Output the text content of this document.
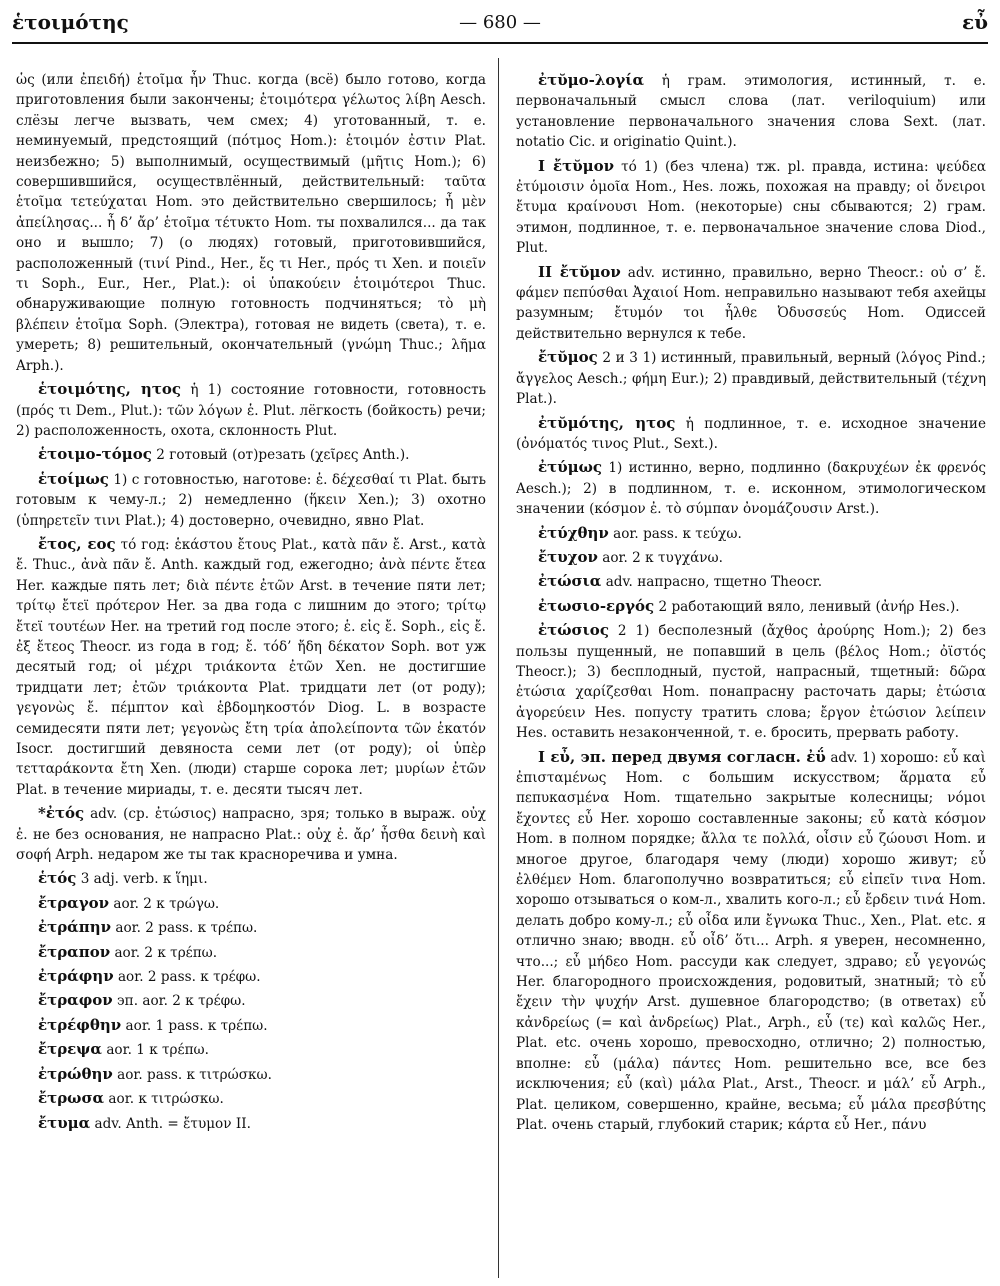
ἑτοιμότης	— 680 —	εὖ

ὡς (или ἐπειδή) ἑτοῖμα ἦν Thuc. когда (всё) было готово, когда приготовления были закончены; ἑτοιμότερα γέλωτος λίβη Aesch. слёзы легче вызвать, чем смех; 4) уготованный, т. е. неминуемый, предстоящий (πότμος Hom.): ἑτοιμόν ἐστιν Plat. неизбежно; 5) выполнимый, осуществимый (μῆτις Hom.); 6) совершившийся, осуществлённый, действительный: ταῦτα ἑτοῖμα τετεύχαται Hom. это действительно свершилось; ἦ μὲν ἀπείλησας... ἦ δ’ ἄρ’ ἑτοῖμα τέτυκτο Hom. ты похвалился... да так оно и вышло; 7) (о людях) готовый, приготовившийся, расположенный (τινί Pind., Her., ἔς τι Her., πρός τι Xen. и ποιεῖν τι Soph., Eur., Her., Plat.): οἱ ὑπακούειν ἑτοιμότεροι Thuc. обнаруживающие полную готовность подчиняться; τὸ μὴ βλέπειν ἑτοῖμα Soph. (Электра), готовая не видеть (света), т. е. умереть; 8) решительный, окончательный (γνώμη Thuc.; λῆμα Arph.).

ἑτοιμότης, ητος ἡ 1) состояние готовности, готовность (πρός τι Dem., Plut.): τῶν λόγων ἑ. Plut. лёгкость (бойкость) речи; 2) расположенность, охота, склонность Plut.

ἑτοιμο-τόμος 2 готовый (от)резать (χεῖρες Anth.).

ἑτοίμως 1) с готовностью, наготове: ἑ. δέχεσθαί τι Plat. быть готовым к чему-л.; 2) немедленно (ἥκειν Xen.); 3) охотно (ὑπηρετεῖν τινι Plat.); 4) достоверно, очевидно, явно Plat.

ἔτος, εος τό год: ἑκάστου ἔτους Plat., κατὰ πᾶν ἔ. Arst., κατὰ ἔ. Thuc., ἀνὰ πᾶν ἔ. Anth. каждый год, ежегодно; ἀνὰ πέντε ἔτεα Her. каждые пять лет; διὰ πέντε ἐτῶν Arst. в течение пяти лет; τρίτῳ ἔτεϊ πρότερον Her. за два года с лишним до этого; τρίτῳ ἔτεϊ τουτέων Her. на третий год после этого; ἑ. εἰς ἔ. Soph., εἰς ἔ. ἐξ ἔτεος Theocr. из года в год; ἔ. τόδ’ ἤδη δέκατον Soph. вот уж десятый год; οἱ μέχρι τριάκοντα ἐτῶν Xen. не достигшие тридцати лет; ἐτῶν τριάκοντα Plat. тридцати лет (от роду); γεγονὼς ἔ. πέμπτον καὶ ἑβδομηκοστόν Diog. L. в возрасте семидесяти пяти лет; γεγονὼς ἔτη τρία ἀπολείποντα τῶν ἑκατόν Isocr. достигший девяноста семи лет (от роду); οἱ ὑπὲρ τετταράκοντα ἔτη Xen. (люди) старше сорока лет; μυρίων ἐτῶν Plat. в течение мириады, т. е. десяти тысяч лет.

*ἐτός adv. (ср. ἐτώσιος) напрасно, зря; только в выраж. οὐχ ἐ. не без основания, не напрасно Plat.: οὐχ ἐ. ἄρ’ ἦσθα δεινὴ καὶ σοφή Arph. недаром же ты так красноречива и умна.

ἑτός 3 adj. verb. к ἵημι.

ἔτραγον aor. 2 к τρώγω.

ἐτράπην aor. 2 pass. к τρέπω.

ἔτραπον aor. 2 к τρέπω.

ἐτράφην aor. 2 pass. к τρέφω.

ἔτραφον эп. aor. 2 к τρέφω.

ἐτρέφθην aor. 1 pass. к τρέπω.

ἔτρεψα aor. 1 к τρέπω.

ἐτρώθην aor. pass. к τιτρώσκω.

ἔτρωσα aor. к τιτρώσκω.

ἔτυμα adv. Anth. = ἔτυμον II.

ἐτῠμο-λογία ἡ грам. этимология, истинный, т. е. первоначальный смысл слова (лат. veriloquium) или установление первоначального значения слова Sext. (лат. notatio Cic. и originatio Quint.).

I ἔτῠμον τό 1) (без члена) тж. pl. правда, истина: ψεύδεα ἐτύμοισιν ὁμοῖα Hom., Hes. ложь, похожая на правду; οἱ ὄνειροι ἔτυμα κραίνουσι Hom. (некоторые) сны сбываются; 2) грам. этимон, подлинное, т. е. первоначальное значение слова Diod., Plut.

II ἔτῠμον adv. истинно, правильно, верно Theocr.: οὐ σ’ ἔ. φάμεν πεπύσθαι Ἀχαιοί Hom. неправильно называют тебя ахейцы разумным; ἔτυμόν τοι ἦλθε Ὀδυσσεύς Hom. Одиссей действительно вернулся к тебе.

ἔτῠμος 2 и 3 1) истинный, правильный, верный (λόγος Pind.; ἄγγελος Aesch.; φήμη Eur.); 2) правдивый, действительный (τέχνη Plat.).

ἐτῠμότης, ητος ἡ подлинное, т. е. исходное значение (ὀνόματός τινος Plut., Sext.).

ἐτύμως 1) истинно, верно, подлинно (δακρυχέων ἐκ φρενός Aesch.); 2) в подлинном, т. е. исконном, этимологическом значении (κόσμον ἐ. τὸ σύμπαν ὀνομάζουσιν Arst.).

ἐτύχθην aor. pass. к τεύχω.

ἔτυχον aor. 2 к τυγχάνω.

ἐτώσια adv. напрасно, тщетно Theocr.

ἐτωσιο-εργός 2 работающий вяло, ленивый (ἀνήρ Hes.).

ἐτώσιος 2 1) бесполезный (ἄχθος ἀρούρης Hom.); 2) без пользы пущенный, не попавший в цель (βέλος Hom.; ὀϊστός Theocr.); 3) бесплодный, пустой, напрасный, тщетный: δῶρα ἐτώσια χαρίζεσθαι Hom. понапрасну расточать дары; ἐτώσια ἀγορεύειν Hes. попусту тратить слова; ἔργον ἐτώσιον λείπειν Hes. оставить незаконченной, т. е. бросить, прервать работу.

I εὖ, эп. перед двумя согласн. ἐΰ adv. 1) хорошо: εὖ καὶ ἐπισταμένως Hom. с большим искусством; ἅρματα εὖ πεπυκασμένα Hom. тщательно закрытые колесницы; νόμοι ἔχοντες εὖ Her. хорошо составленные законы; εὖ κατὰ κόσμον Hom. в полном порядке; ἄλλα τε πολλά, οἶσιν εὖ ζώουσι Hom. и многое другое, благодаря чему (люди) хорошо живут; εὖ ἐλθέμεν Hom. благополучно возвратиться; εὖ εἰπεῖν τινα Hom. хорошо отзываться о ком-л., хвалить кого-л.; εὖ ἔρδειν τινά Hom. делать добро кому-л.; εὖ οἶδα или ἔγνωκα Thuc., Xen., Plat. etc. я отлично знаю; вводн. εὖ οἶδ’ ὅτι... Arph. я уверен, несомненно, что...; εὖ μήδεο Hom. рассуди как следует, здраво; εὖ γεγονώς Her. благородного происхождения, родовитый, знатный; τὸ εὖ ἔχειν τὴν ψυχήν Arst. душевное благородство; (в ответах) εὖ κἀνδρείως (= καὶ ἀνδρείως) Plat., Arph., εὖ (τε) καὶ καλῶς Her., Plat. etc. очень хорошо, превосходно, отлично; 2) полностью, вполне: εὖ (μάλα) πάντες Hom. решительно все, все без исключения; εὖ (καὶ) μάλα Plat., Arst., Theocr. и μάλ’ εὖ Arph., Plat. целиком, совершенно, крайне, весьма; εὖ μάλα πρεσβύτης Plat. очень старый, глубокий старик; κάρτα εὖ Her., πάνυ
